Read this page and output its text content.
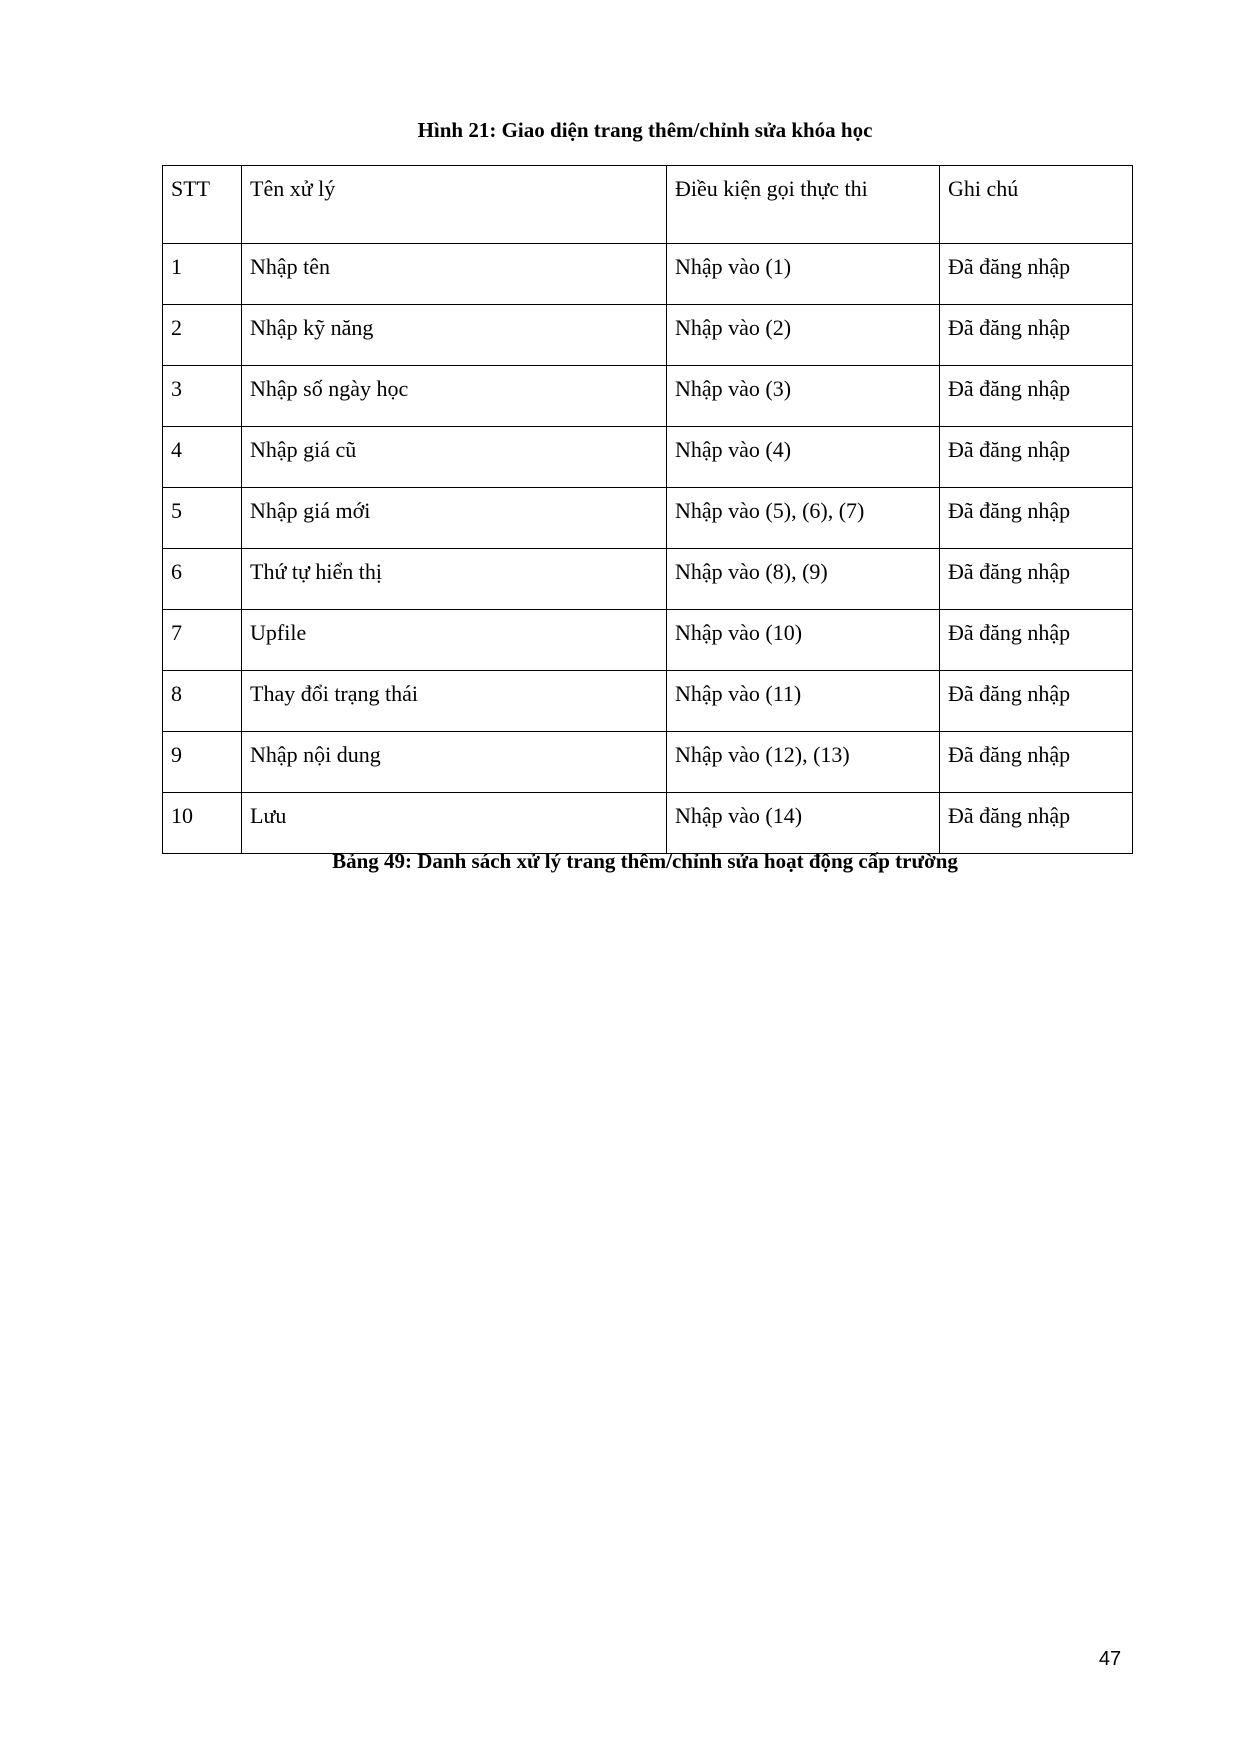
Hình 21: Giao diện trang thêm/chỉnh sửa khóa học
STT	Tên xử lý	Điều kiện gọi thực thi	Ghi chú
1	Nhập tên	Nhập vào (1)	Đã đăng nhập
2	Nhập kỹ năng	Nhập vào (2)	Đã đăng nhập
3	Nhập số ngày học	Nhập vào (3)	Đã đăng nhập
4	Nhập giá cũ	Nhập vào (4)	Đã đăng nhập
5	Nhập giá mới	Nhập vào (5), (6), (7)	Đã đăng nhập
6	Thứ tự hiển thị	Nhập vào (8), (9)	Đã đăng nhập
7	Upfile	Nhập vào (10)	Đã đăng nhập
8	Thay đổi trạng thái	Nhập vào (11)	Đã đăng nhập
9	Nhập nội dung	Nhập vào (12), (13)	Đã đăng nhập
10	Lưu	Nhập vào (14)	Đã đăng nhập
Bảng 49: Danh sách xử lý trang thêm/chỉnh sửa hoạt động cấp trường
47
